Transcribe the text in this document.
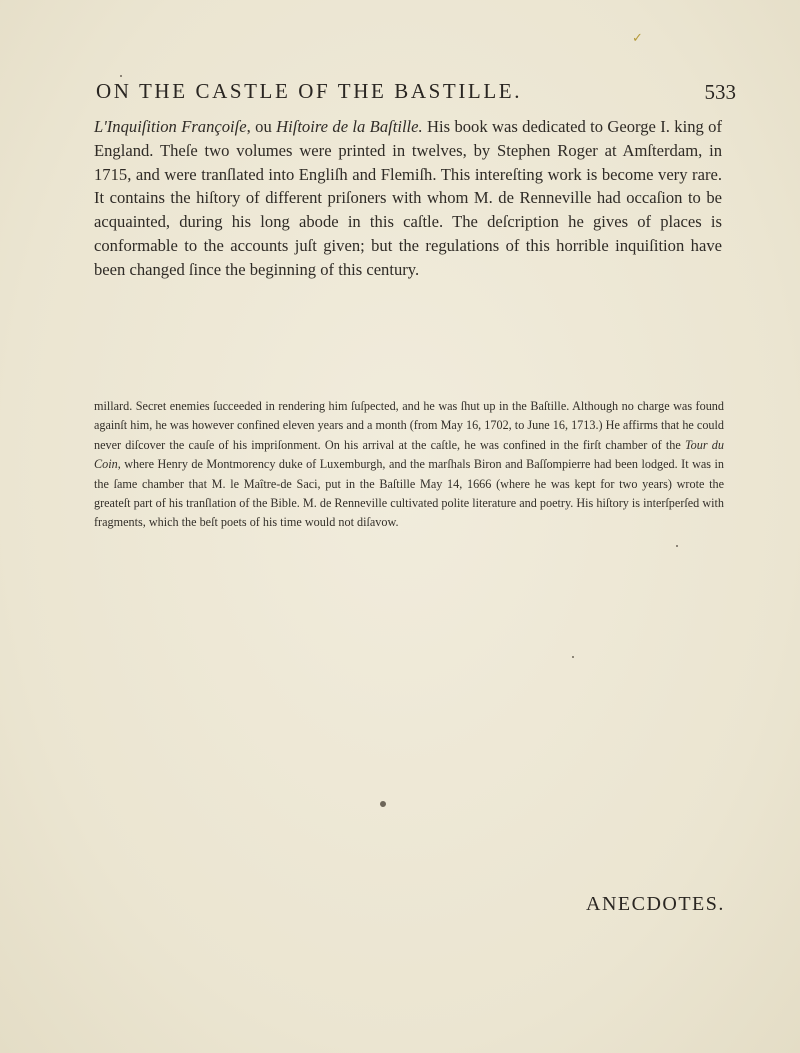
✓
ON THE CASTLE OF THE BASTILLE.	533

L'Inquiſition Françoiſe, ou Hiſtoire de la Baſtille. His book was dedicated to George I. king of England. Theſe two volumes were printed in twelves, by Stephen Roger at Amſterdam, in 1715, and were tranſlated into Engliſh and Flemiſh. This intereſting work is become very rare. It contains the hiſtory of different priſoners with whom M. de Renneville had occaſion to be acquainted, during his long abode in this caſtle. The deſcription he gives of places is conformable to the accounts juſt given; but the regulations of this horrible inquiſition have been changed ſince the beginning of this century.

millard. Secret enemies ſucceeded in rendering him ſuſpected, and he was ſhut up in the Baſtille. Although no charge was found againſt him, he was however confined eleven years and a month (from May 16, 1702, to June 16, 1713.) He affirms that he could never diſcover the cauſe of his impriſonment. On his arrival at the caſtle, he was confined in the firſt chamber of the Tour du Coin, where Henry de Montmorency duke of Luxemburgh, and the marſhals Biron and Baſſompierre had been lodged. It was in the ſame chamber that M. le Maître-de Saci, put in the Baſtille May 14, 1666 (where he was kept for two years) wrote the greateſt part of his tranſlation of the Bible. M. de Renneville cultivated polite literature and poetry. His hiſtory is interſperſed with fragments, which the beſt poets of his time would not diſavow.

ANECDOTES.
